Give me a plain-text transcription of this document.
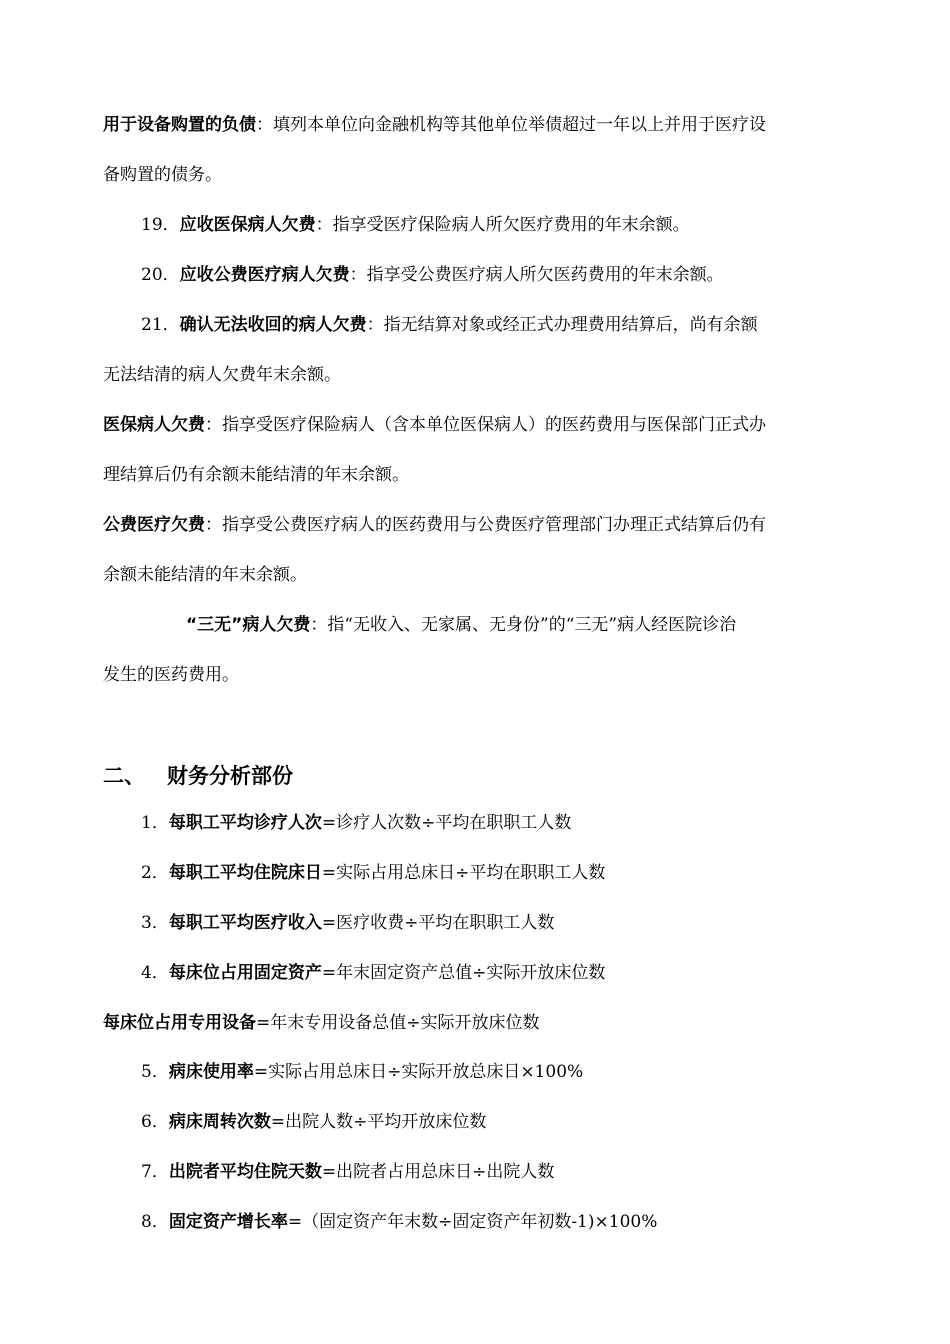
用于设备购置的负债：填列本单位向金融机构等其他单位举债超过一年以上并用于医疗设
备购置的债务。
19．应收医保病人欠费：指享受医疗保险病人所欠医疗费用的年末余额。
20．应收公费医疗病人欠费：指享受公费医疗病人所欠医药费用的年末余额。
21．确认无法收回的病人欠费：指无结算对象或经正式办理费用结算后，尚有余额
无法结清的病人欠费年末余额。
医保病人欠费：指享受医疗保险病人（含本单位医保病人）的医药费用与医保部门正式办
理结算后仍有余额未能结清的年末余额。
公费医疗欠费：指享受公费医疗病人的医药费用与公费医疗管理部门办理正式结算后仍有
余额未能结清的年末余额。
“三无”病人欠费：指“无收入、无家属、无身份”的“三无”病人经医院诊治
发生的医药费用。
二、 财务分析部份
1．每职工平均诊疗人次=诊疗人次数÷平均在职职工人数
2．每职工平均住院床日=实际占用总床日÷平均在职职工人数
3．每职工平均医疗收入=医疗收费÷平均在职职工人数
4．每床位占用固定资产=年末固定资产总值÷实际开放床位数
每床位占用专用设备=年末专用设备总值÷实际开放床位数
5．病床使用率=实际占用总床日÷实际开放总床日×100%
6．病床周转次数=出院人数÷平均开放床位数
7．出院者平均住院天数=出院者占用总床日÷出院人数
8．固定资产增长率=（固定资产年末数÷固定资产年初数-1)×100%
